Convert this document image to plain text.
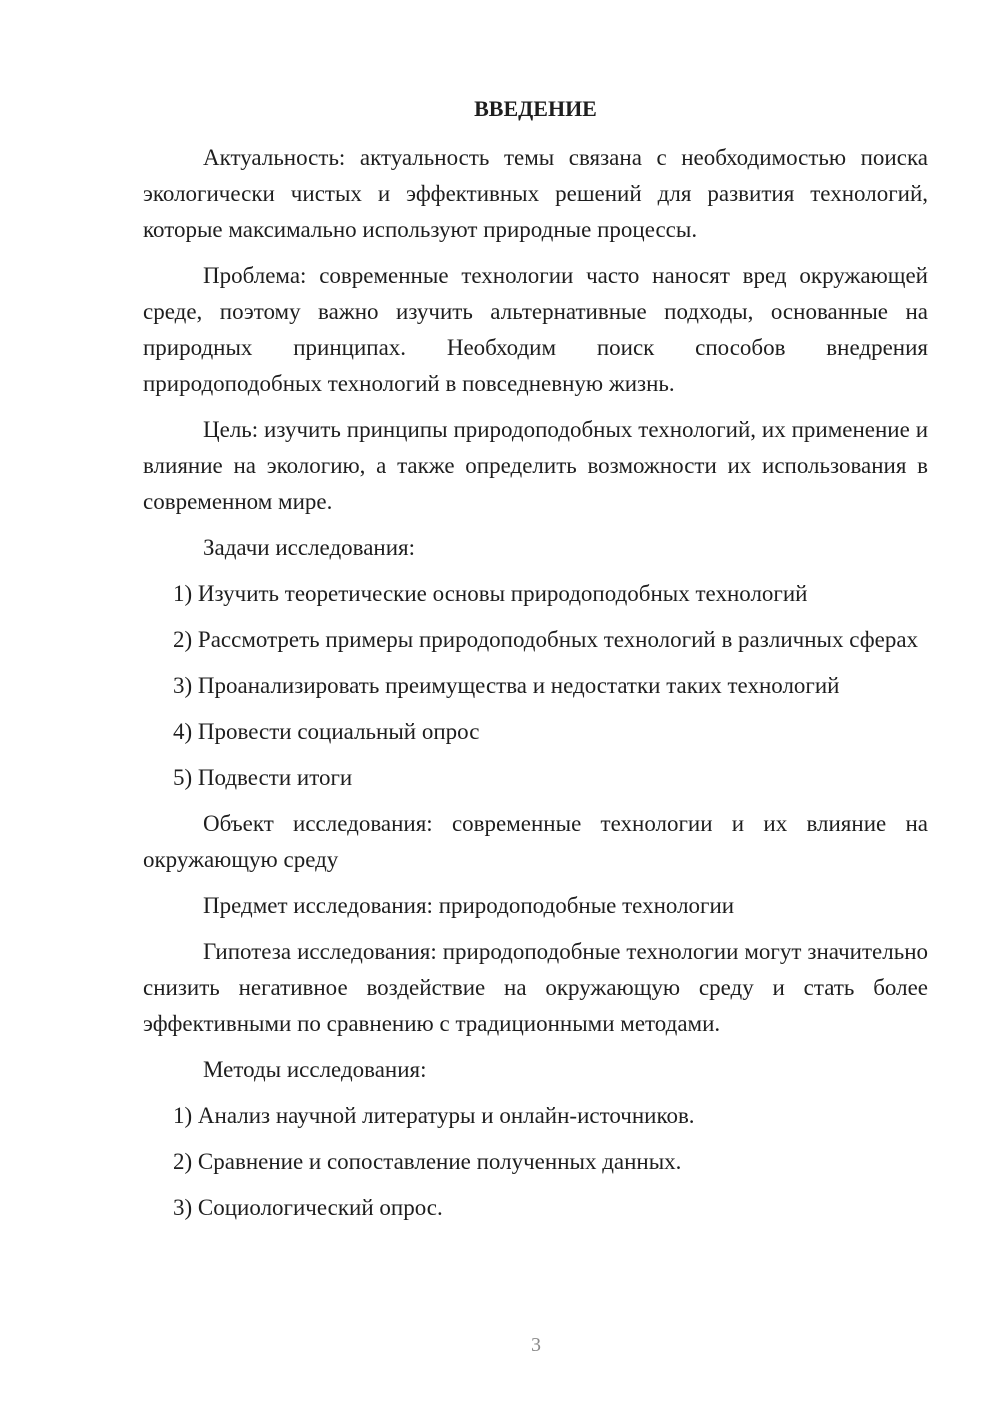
ВВЕДЕНИЕ

Актуальность: актуальность темы связана с необходимостью поиска экологически чистых и эффективных решений для развития технологий, которые максимально используют природные процессы.

Проблема: современные технологии часто наносят вред окружающей среде, поэтому важно изучить альтернативные подходы, основанные на природных принципах. Необходим поиск способов внедрения природоподобных технологий в повседневную жизнь.

Цель: изучить принципы природоподобных технологий, их применение и влияние на экологию, а также определить возможности их использования в современном мире.

Задачи исследования:

1) Изучить теоретические основы природоподобных технологий

2) Рассмотреть примеры природоподобных технологий в различных сферах

3) Проанализировать преимущества и недостатки таких технологий

4) Провести социальный опрос

5) Подвести итоги

Объект исследования: современные технологии и их влияние на окружающую среду

Предмет исследования: природоподобные технологии

Гипотеза исследования: природоподобные технологии могут значительно снизить негативное воздействие на окружающую среду и стать более эффективными по сравнению с традиционными методами.

Методы исследования:

1) Анализ научной литературы и онлайн-источников.

2) Сравнение и сопоставление полученных данных.

3) Социологический опрос.

3
